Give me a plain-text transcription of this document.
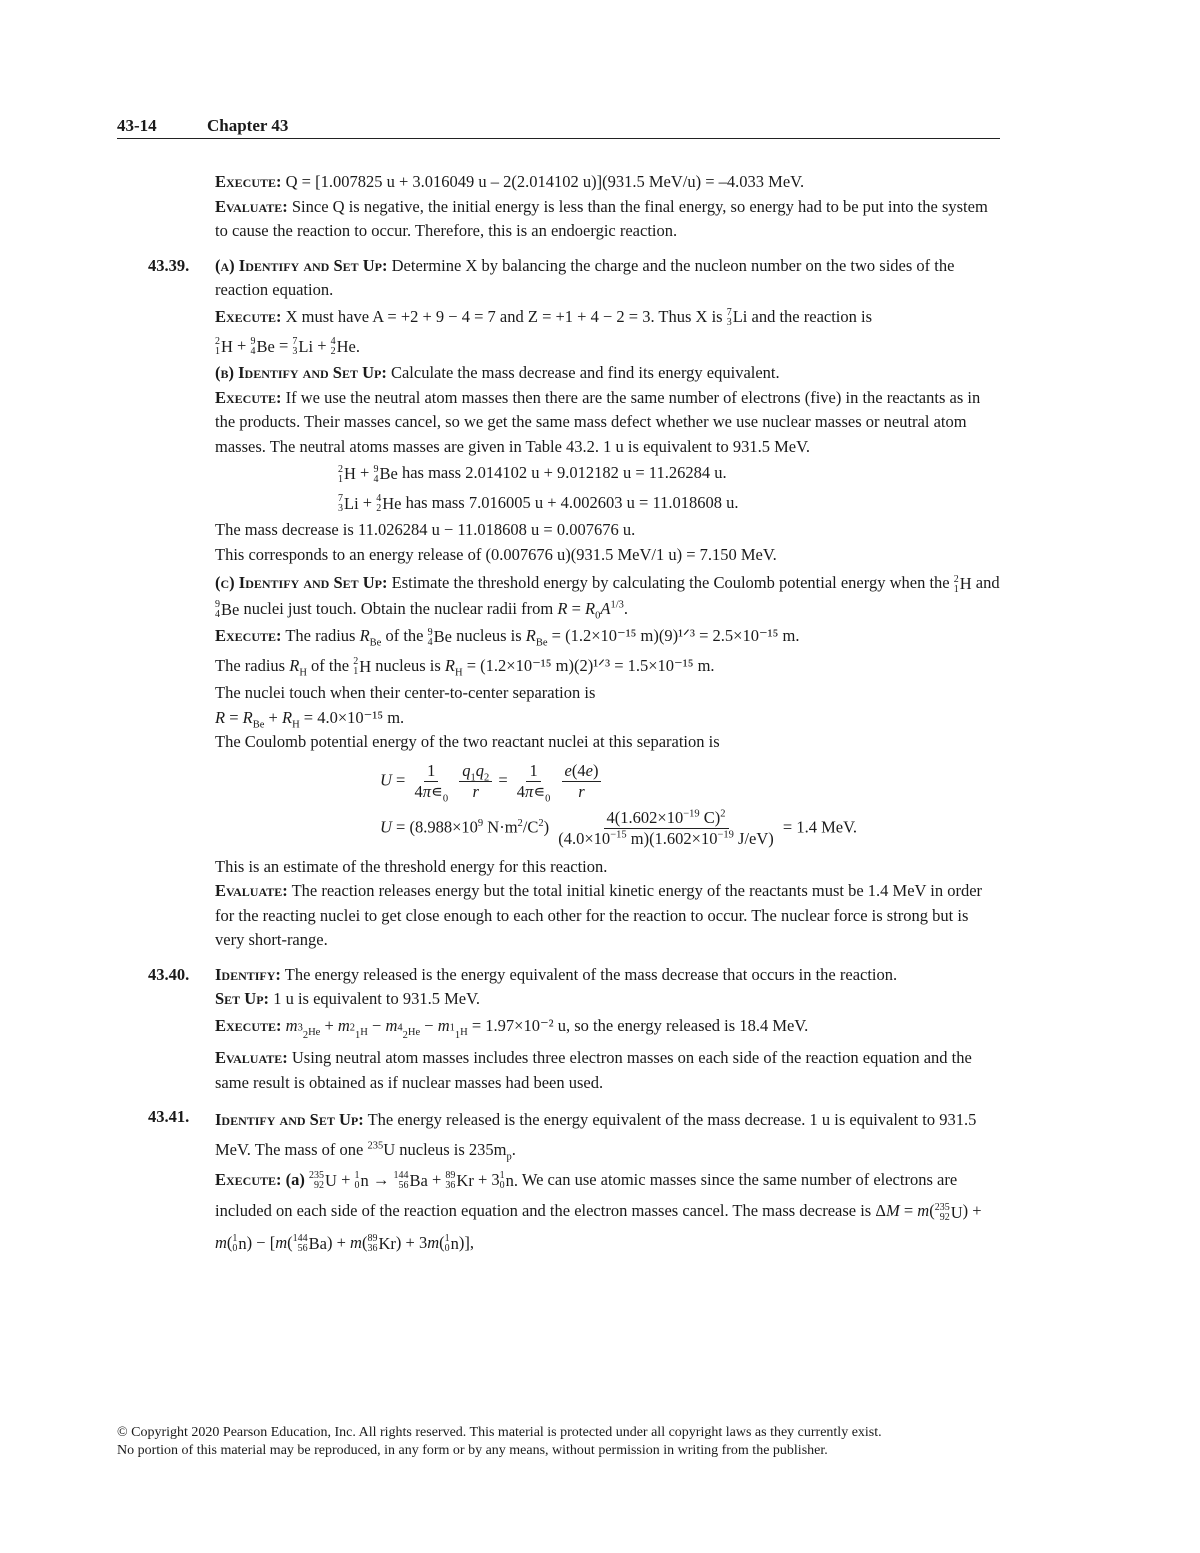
43-14	Chapter 43

Execute: Q = [1.007825 u + 3.016049 u – 2(2.014102 u)](931.5 MeV/u) = –4.033 MeV.

Evaluate: Since Q is negative, the initial energy is less than the final energy, so energy had to be put into the system to cause the reaction to occur. Therefore, this is an endoergic reaction.

43.39. (a) Identify and Set Up: Determine X by balancing the charge and the nucleon number on the two sides of the reaction equation.

Execute: X must have A = +2 + 9 − 4 = 7 and Z = +1 + 4 − 2 = 3. Thus X is 7
3 Li and the reaction is

2
1 H + 9
4 Be = 7
3 Li + 4
2 He.

(b) Identify and Set Up: Calculate the mass decrease and find its energy equivalent.

Execute: If we use the neutral atom masses then there are the same number of electrons (five) in the reactants as in the products. Their masses cancel, so we get the same mass defect whether we use nuclear masses or neutral atom masses. The neutral atoms masses are given in Table 43.2. 1 u is equivalent to 931.5 MeV.

2
1 H + 9
4 Be has mass 2.014102 u + 9.012182 u = 11.26284 u.

7
3 Li + 4
2 He has mass 7.016005 u + 4.002603 u = 11.018608 u.

The mass decrease is 11.026284 u − 11.018608 u = 0.007676 u.

This corresponds to an energy release of (0.007676 u)(931.5 MeV/1 u) = 7.150 MeV.

(c) Identify and Set Up: Estimate the threshold energy by calculating the Coulomb potential energy when the 2
1 H and
9
4 Be nuclei just touch. Obtain the nuclear radii from $R = R_0A^{1/3}$.

Execute: The radius $R_{Be}$ of the 9
4 Be nucleus is $R_{Be} = (1.2\times 10^{-15}$ m)(9)¹ᐟ³ = 2.5×10⁻¹⁵ m.

The radius $R_H$ of the 2
1 H nucleus is $R_H = (1.2\times 10^{-15}$ m)(2)¹ᐟ³ = 1.5×10⁻¹⁵ m.

The nuclei touch when their center-to-center separation is

$R = R_{Be} + R_H = 4.0\times 10^{-15}$ m.

The Coulomb potential energy of the two reactant nuclei at this separation is

$U = \frac{1}{4\pi∊_0}$
$\frac{q_1q_2}{r} = \frac{1}{4\pi∊_0}$
$\frac{e(4e)}{r}$

$U = (8.988\times 10^9$ $N\cdot m^2/C^2) \frac{4(1.602\times 10^{-19} C)^2}{(4.0\times 10^{-15} m)(1.602\times 10^{-19} J/eV)} = 1.4$ MeV.

This is an estimate of the threshold energy for this reaction.

Evaluate: The reaction releases energy but the total initial kinetic energy of the reactants must be 1.4 MeV in order for the reacting nuclei to get close enough to each other for the reaction to occur. The nuclear force is strong but is very short-range.

43.40. Identify: The energy released is the energy equivalent of the mass decrease that occurs in the reaction.

Set Up: 1 u is equivalent to 931.5 MeV.

Execute: $m_{^3_2He} + m_{^2_1H} - m_{^4_2He} - m_{^1_1H} = 1.97\times 10^{-2}$ u, so the energy released is 18.4 MeV.

Evaluate: Using neutral atom masses includes three electron masses on each side of the reaction equation and the same result is obtained as if nuclear masses had been used.

43.41. Identify and Set Up: The energy released is the energy equivalent of the mass decrease. 1 u is equivalent to 931.5 MeV. The mass of one $^{235}$U nucleus is $235m_p$.

Execute: (a) 235
92 U + 1
0 n → 144
56 Ba + 89
36 Kr + 3 1
0 n. We can use atomic masses since the same number of electrons are included on each side of the reaction equation and the electron masses cancel. The mass decrease is ΔM = m( 235
92 U ) + m( 1
0 n ) − [m( 144
56 Ba ) + m( 89
36 Kr ) + 3m( 1
0 n )],

© Copyright 2020 Pearson Education, Inc. All rights reserved. This material is protected under all copyright laws as they currently exist.
No portion of this material may be reproduced, in any form or by any means, without permission in writing from the publisher.
